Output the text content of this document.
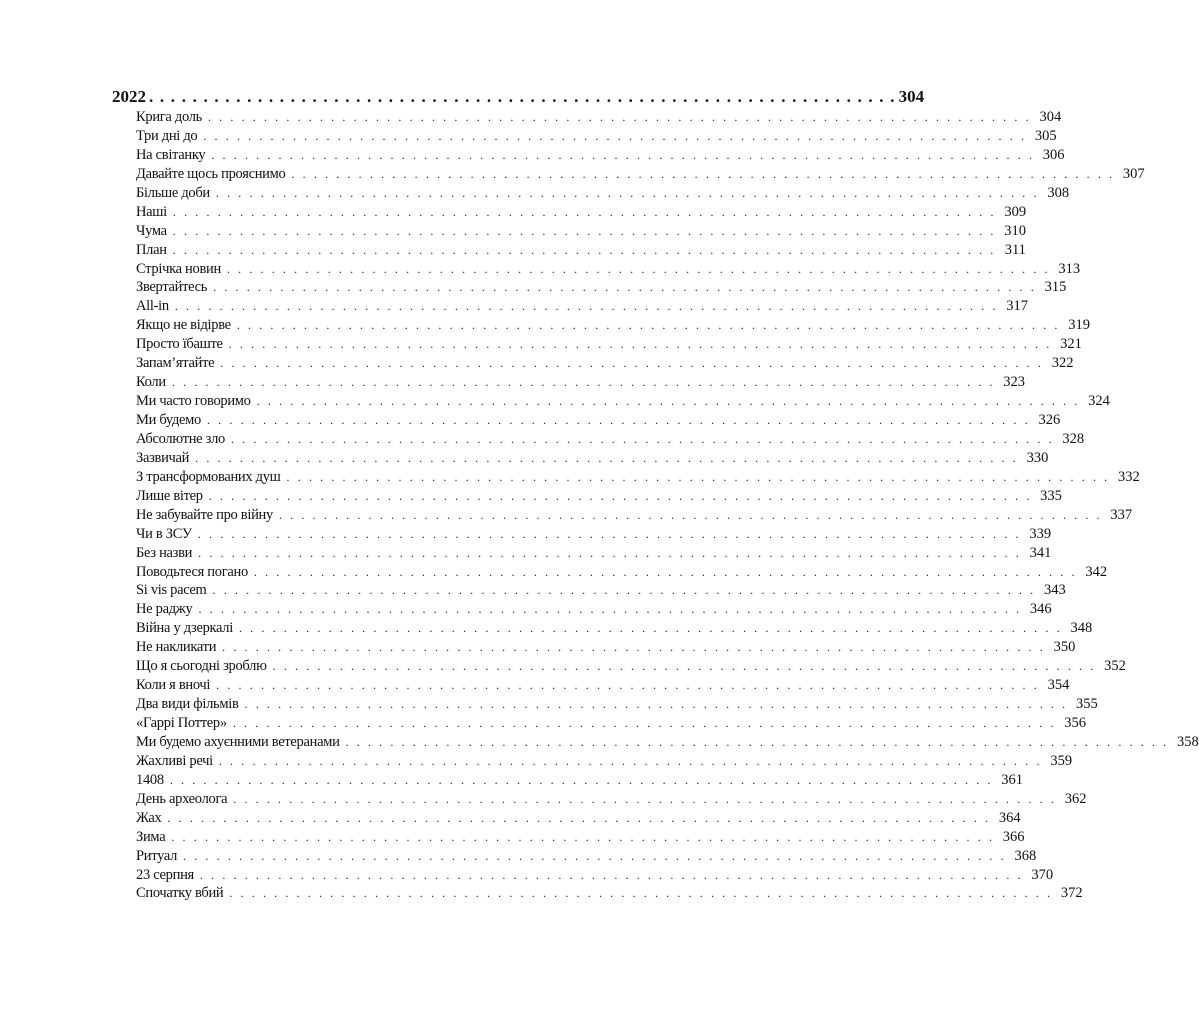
2022 . . . . . . . . . . . . . . . . . . . . . . . . . . . . . . . . . . . . . . . . . . . . . . . . . . . . . . . . . . . . . . . . . . . . . 304
Крига доль . . . . . . . . . . . . . . . . . . . . . . . . . . . . . . . . . . . . . . . . . . . . . . . . . . . . . . . . . . . . . . . . . . . . . . . . . . 304
Три дні до . . . . . . . . . . . . . . . . . . . . . . . . . . . . . . . . . . . . . . . . . . . . . . . . . . . . . . . . . . . . . . . . . . . . . . . . . . 305
На світанку . . . . . . . . . . . . . . . . . . . . . . . . . . . . . . . . . . . . . . . . . . . . . . . . . . . . . . . . . . . . . . . . . . . . . . . . . . 306
Давайте щось прояснимо . . . . . . . . . . . . . . . . . . . . . . . . . . . . . . . . . . . . . . . . . . . . . . . . . . . . . . . . . . . . . . . . . . . . . . . . . . 307
Більше доби . . . . . . . . . . . . . . . . . . . . . . . . . . . . . . . . . . . . . . . . . . . . . . . . . . . . . . . . . . . . . . . . . . . . . . . . . . 308
Наші . . . . . . . . . . . . . . . . . . . . . . . . . . . . . . . . . . . . . . . . . . . . . . . . . . . . . . . . . . . . . . . . . . . . . . . . . . 309
Чума . . . . . . . . . . . . . . . . . . . . . . . . . . . . . . . . . . . . . . . . . . . . . . . . . . . . . . . . . . . . . . . . . . . . . . . . . . 310
План . . . . . . . . . . . . . . . . . . . . . . . . . . . . . . . . . . . . . . . . . . . . . . . . . . . . . . . . . . . . . . . . . . . . . . . . . . 311
Стрічка новин . . . . . . . . . . . . . . . . . . . . . . . . . . . . . . . . . . . . . . . . . . . . . . . . . . . . . . . . . . . . . . . . . . . . . . . . . . 313
Звертайтесь . . . . . . . . . . . . . . . . . . . . . . . . . . . . . . . . . . . . . . . . . . . . . . . . . . . . . . . . . . . . . . . . . . . . . . . . . . 315
All-in . . . . . . . . . . . . . . . . . . . . . . . . . . . . . . . . . . . . . . . . . . . . . . . . . . . . . . . . . . . . . . . . . . . . . . . . . . 317
Якщо не відірве . . . . . . . . . . . . . . . . . . . . . . . . . . . . . . . . . . . . . . . . . . . . . . . . . . . . . . . . . . . . . . . . . . . . . . . . . . 319
Просто їбаште . . . . . . . . . . . . . . . . . . . . . . . . . . . . . . . . . . . . . . . . . . . . . . . . . . . . . . . . . . . . . . . . . . . . . . . . . . 321
Запам’ятайте . . . . . . . . . . . . . . . . . . . . . . . . . . . . . . . . . . . . . . . . . . . . . . . . . . . . . . . . . . . . . . . . . . . . . . . . . . 322
Коли . . . . . . . . . . . . . . . . . . . . . . . . . . . . . . . . . . . . . . . . . . . . . . . . . . . . . . . . . . . . . . . . . . . . . . . . . . 323
Ми часто говоримо . . . . . . . . . . . . . . . . . . . . . . . . . . . . . . . . . . . . . . . . . . . . . . . . . . . . . . . . . . . . . . . . . . . . . . . . . . 324
Ми будемо . . . . . . . . . . . . . . . . . . . . . . . . . . . . . . . . . . . . . . . . . . . . . . . . . . . . . . . . . . . . . . . . . . . . . . . . . . 326
Абсолютне зло . . . . . . . . . . . . . . . . . . . . . . . . . . . . . . . . . . . . . . . . . . . . . . . . . . . . . . . . . . . . . . . . . . . . . . . . . . 328
Зазвичай . . . . . . . . . . . . . . . . . . . . . . . . . . . . . . . . . . . . . . . . . . . . . . . . . . . . . . . . . . . . . . . . . . . . . . . . . . 330
З трансформованих душ . . . . . . . . . . . . . . . . . . . . . . . . . . . . . . . . . . . . . . . . . . . . . . . . . . . . . . . . . . . . . . . . . . . . . . . . . . 332
Лише вітер . . . . . . . . . . . . . . . . . . . . . . . . . . . . . . . . . . . . . . . . . . . . . . . . . . . . . . . . . . . . . . . . . . . . . . . . . . 335
Не забувайте про війну . . . . . . . . . . . . . . . . . . . . . . . . . . . . . . . . . . . . . . . . . . . . . . . . . . . . . . . . . . . . . . . . . . . . . . . . . . 337
Чи в ЗСУ . . . . . . . . . . . . . . . . . . . . . . . . . . . . . . . . . . . . . . . . . . . . . . . . . . . . . . . . . . . . . . . . . . . . . . . . . . 339
Без назви . . . . . . . . . . . . . . . . . . . . . . . . . . . . . . . . . . . . . . . . . . . . . . . . . . . . . . . . . . . . . . . . . . . . . . . . . . 341
Поводьтеся погано . . . . . . . . . . . . . . . . . . . . . . . . . . . . . . . . . . . . . . . . . . . . . . . . . . . . . . . . . . . . . . . . . . . . . . . . . . 342
Si vis pacem . . . . . . . . . . . . . . . . . . . . . . . . . . . . . . . . . . . . . . . . . . . . . . . . . . . . . . . . . . . . . . . . . . . . . . . . . . 343
Не раджу . . . . . . . . . . . . . . . . . . . . . . . . . . . . . . . . . . . . . . . . . . . . . . . . . . . . . . . . . . . . . . . . . . . . . . . . . . 346
Війна у дзеркалі . . . . . . . . . . . . . . . . . . . . . . . . . . . . . . . . . . . . . . . . . . . . . . . . . . . . . . . . . . . . . . . . . . . . . . . . . . 348
Не накликати . . . . . . . . . . . . . . . . . . . . . . . . . . . . . . . . . . . . . . . . . . . . . . . . . . . . . . . . . . . . . . . . . . . . . . . . . . 350
Що я сьогодні зроблю . . . . . . . . . . . . . . . . . . . . . . . . . . . . . . . . . . . . . . . . . . . . . . . . . . . . . . . . . . . . . . . . . . . . . . . . . . 352
Коли я вночі . . . . . . . . . . . . . . . . . . . . . . . . . . . . . . . . . . . . . . . . . . . . . . . . . . . . . . . . . . . . . . . . . . . . . . . . . . 354
Два види фільмів . . . . . . . . . . . . . . . . . . . . . . . . . . . . . . . . . . . . . . . . . . . . . . . . . . . . . . . . . . . . . . . . . . . . . . . . . . 355
«Гаррі Поттер» . . . . . . . . . . . . . . . . . . . . . . . . . . . . . . . . . . . . . . . . . . . . . . . . . . . . . . . . . . . . . . . . . . . . . . . . . . 356
Ми будемо ахуєнними ветеранами . . . . . . . . . . . . . . . . . . . . . . . . . . . . . . . . . . . . . . . . . . . . . . . . . . . . . . . . . . . . . . . . . . . . . . . . . . 358
Жахливі речі . . . . . . . . . . . . . . . . . . . . . . . . . . . . . . . . . . . . . . . . . . . . . . . . . . . . . . . . . . . . . . . . . . . . . . . . . . 359
1408 . . . . . . . . . . . . . . . . . . . . . . . . . . . . . . . . . . . . . . . . . . . . . . . . . . . . . . . . . . . . . . . . . . . . . . . . . . 361
День археолога . . . . . . . . . . . . . . . . . . . . . . . . . . . . . . . . . . . . . . . . . . . . . . . . . . . . . . . . . . . . . . . . . . . . . . . . . . 362
Жах . . . . . . . . . . . . . . . . . . . . . . . . . . . . . . . . . . . . . . . . . . . . . . . . . . . . . . . . . . . . . . . . . . . . . . . . . . 364
Зима . . . . . . . . . . . . . . . . . . . . . . . . . . . . . . . . . . . . . . . . . . . . . . . . . . . . . . . . . . . . . . . . . . . . . . . . . . 366
Ритуал . . . . . . . . . . . . . . . . . . . . . . . . . . . . . . . . . . . . . . . . . . . . . . . . . . . . . . . . . . . . . . . . . . . . . . . . . . 368
23 серпня . . . . . . . . . . . . . . . . . . . . . . . . . . . . . . . . . . . . . . . . . . . . . . . . . . . . . . . . . . . . . . . . . . . . . . . . . . 370
Спочатку вбий . . . . . . . . . . . . . . . . . . . . . . . . . . . . . . . . . . . . . . . . . . . . . . . . . . . . . . . . . . . . . . . . . . . . . . . . . . 372
